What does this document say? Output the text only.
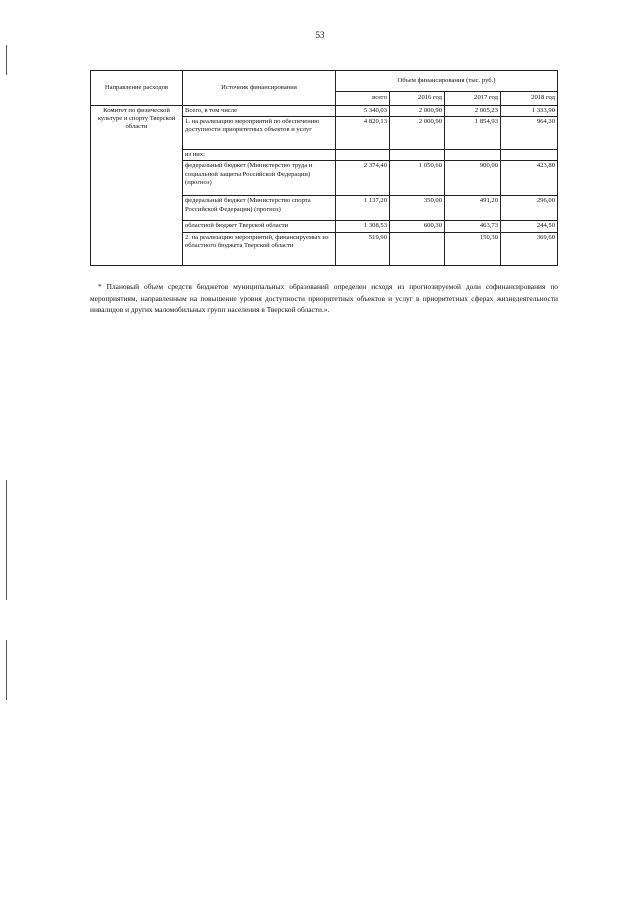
53
Направление расходов	Источник финансирования	Объем финансирования (тыс. руб.)			
		всего	2016 год	2017 год	2018 год
Комитет по физической культуре и спорту Тверской области	Всего, в том числе	5 340,03	2 000,90	2 005,23	1 333,90
	1. на реализацию мероприятий по обеспечению доступности приоритетных объектов и услуг	4 820,13	2 000,90	1 854,93	964,30
	из них:				
	федеральный бюджет (Министерство труда и социальной защиты Российской Федерации) (прогноз)	2 374,40	1 050,60	900,00	423,80
	федеральный бюджет (Министерство спорта Российской Федерации) (прогноз)	1 137,20	350,00	491,20	296,00
	областной бюджет Тверской области	1 308,53	600,30	463,73	244,50
	2. на реализацию мероприятий, финансируемых из областного бюджета Тверской области	519,90		150,30	369,60

* Плановый объем средств бюджетов муниципальных образований определен исходя из прогнозируемой доли софинансирования по мероприятиям, направленным на повышение уровня доступности приоритетных объектов и услуг в приоритетных сферах жизнедеятельности инвалидов и других маломобильных групп населения в Тверской области.».
